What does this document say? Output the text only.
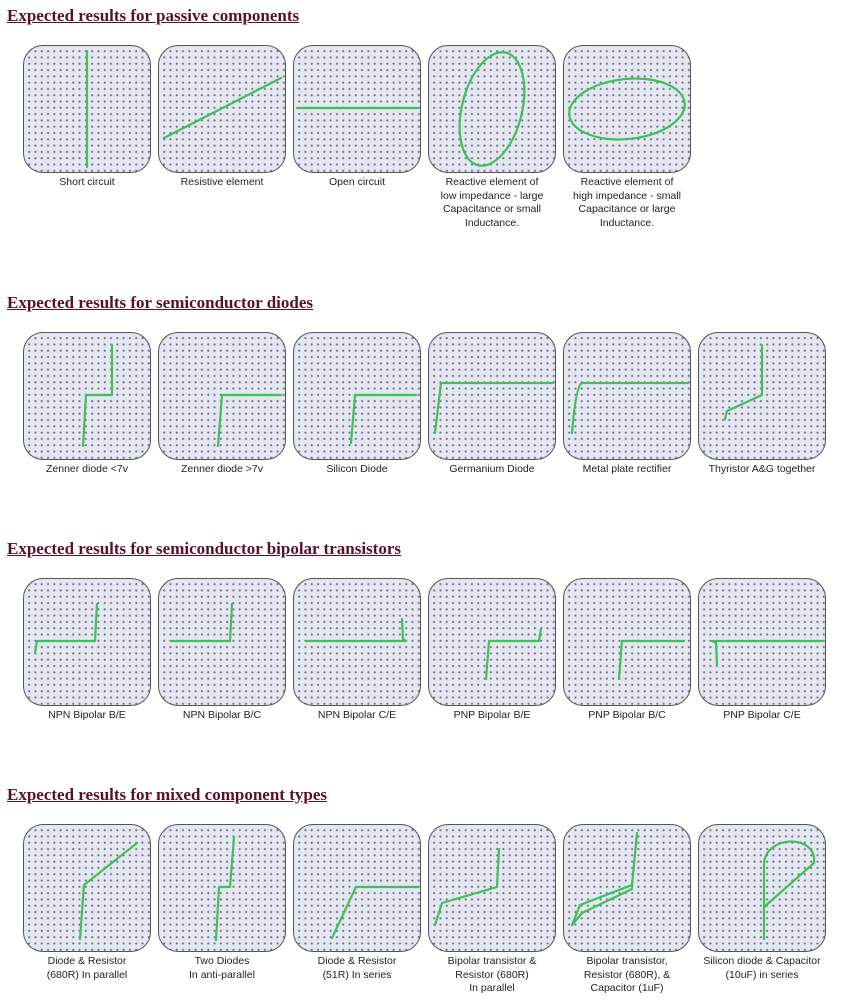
Expected results for passive components
Short circuit	Resistive element	Open circuit	Reactive element of
low impedance - large
Capacitance or small
Inductance.
Reactive element of
high impedance - small
Capacitance or large
Inductance.
Expected results for semiconductor diodes
Zenner diode <7v	Zenner diode >7v	Silicon Diode	Germanium Diode	Metal plate rectifier	Thyristor A&G together
Expected results for semiconductor bipolar transistors
NPN Bipolar B/E	NPN Bipolar B/C	NPN Bipolar C/E	PNP Bipolar B/E	PNP Bipolar B/C	PNP Bipolar C/E
Expected results for mixed component types
Diode & Resistor
(680R) In parallel
Two Diodes
In anti-parallel
Diode & Resistor
(51R) In series
Bipolar transistor &
Resistor (680R)
In parallel
Bipolar transistor,
Resistor (680R), &
Capacitor (1uF)
Silicon diode & Capacitor
(10uF) in series
